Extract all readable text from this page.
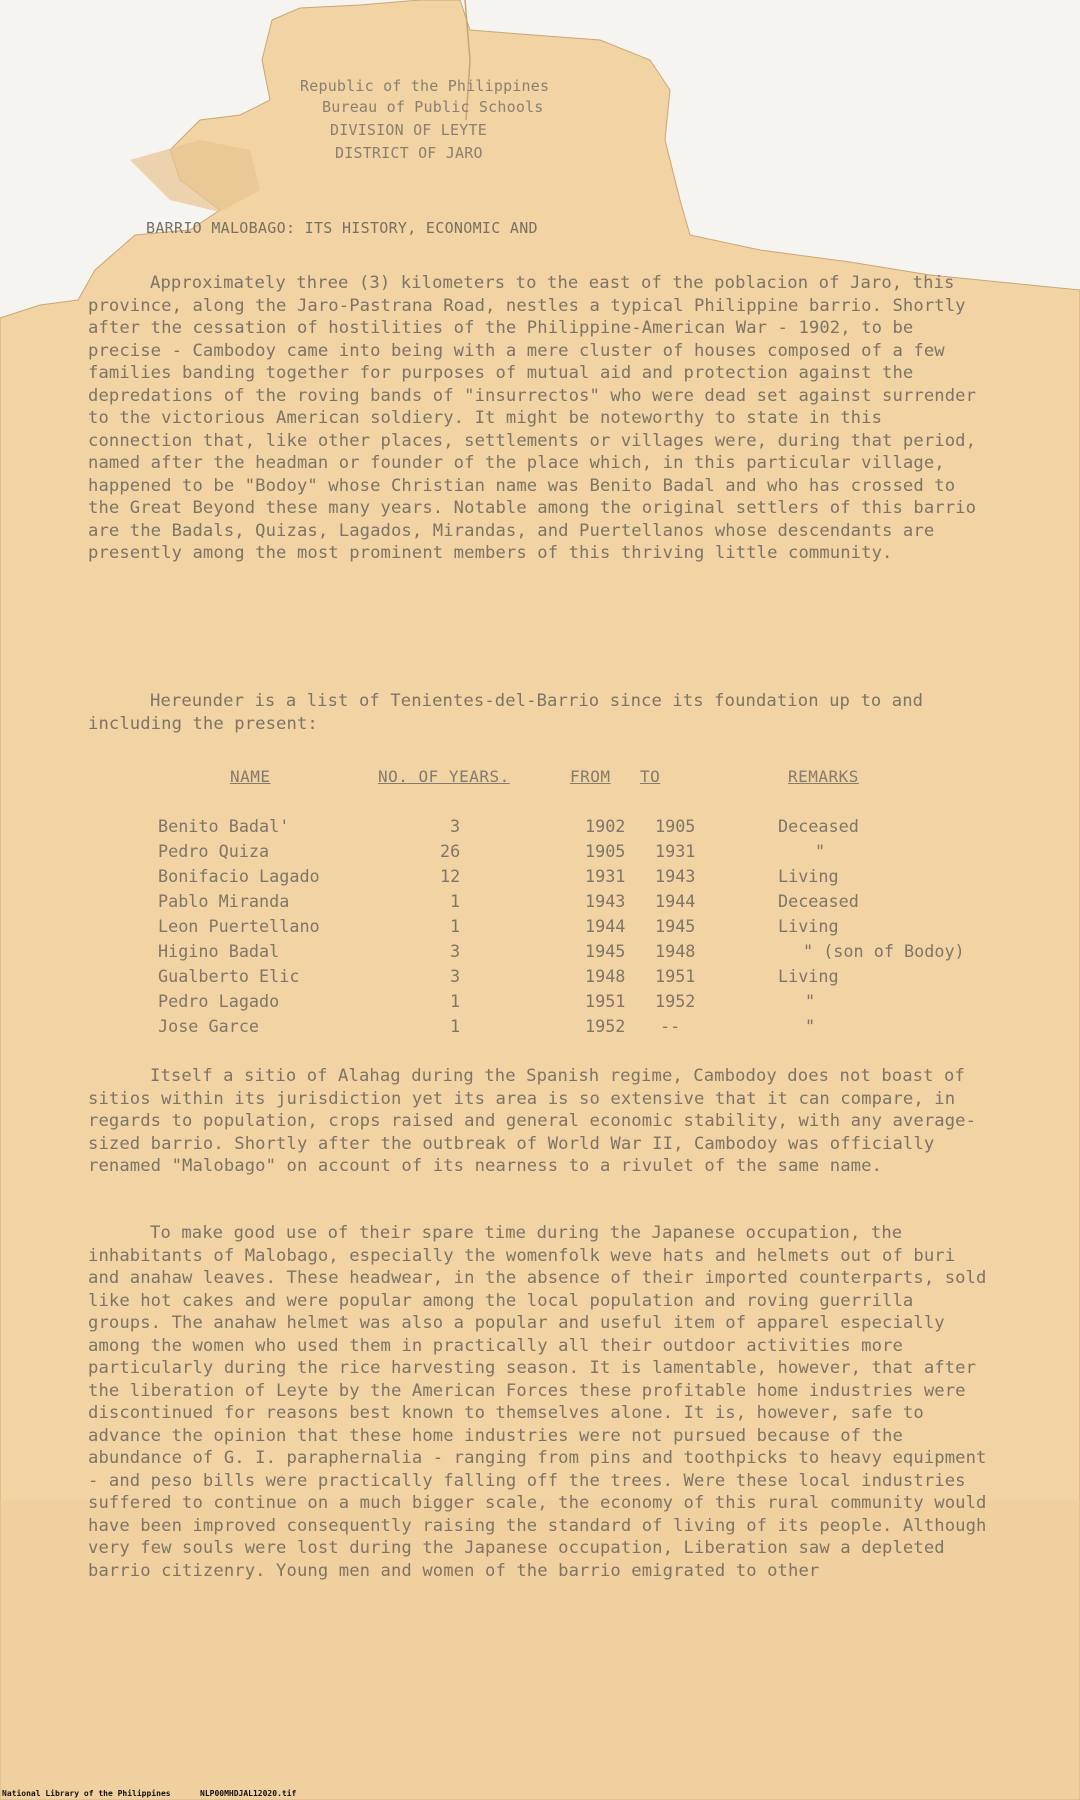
Republic of the Philippines
Bureau of Public Schools
DIVISION OF LEYTE
DISTRICT OF JARO
BARRIO MALOBAGO: ITS HISTORY, ECONOMIC AND
Approximately three (3) kilometers to the east of the poblacion of Jaro, this province, along the Jaro-Pastrana Road, nestles a typical Philippine barrio. Shortly after the cessation of hostilities of the Philippine-American War - 1902, to be precise - Cambodoy came into being with a mere cluster of houses composed of a few families banding together for purposes of mutual aid and protection against the depredations of the roving bands of "insurrectos" who were dead set against surrender to the victorious American soldiery. It might be noteworthy to state in this connection that, like other places, settlements or villages were, during that period, named after the headman or founder of the place which, in this particular village, happened to be "Bodoy" whose Christian name was Benito Badal and who has crossed to the Great Beyond these many years. Notable among the original settlers of this barrio are the Badals, Quizas, Lagados, Mirandas, and Puertellanos whose descendants are presently among the most prominent members of this thriving little community.
Hereunder is a list of Tenientes-del-Barrio since its foundation up to and including the present:
NAME	NO. OF YEARS.	FROM TO	REMARKS
Benito Badal'	3	1902 1905	Deceased
Pedro Quiza	26	1905 1931	"
Bonifacio Lagado	12	1931 1943	Living
Pablo Miranda	1	1943 1944	Deceased
Leon Puertellano	1	1944 1945	Living
Higino Badal	3	1945 1948	" (son of Bodoy)
Gualberto Elic	3	1948 1951	Living
Pedro Lagado	1	1951 1952	"
Jose Garce	1	1952 --	"
Itself a sitio of Alahag during the Spanish regime, Cambodoy does not boast of sitios within its jurisdiction yet its area is so extensive that it can compare, in regards to population, crops raised and general economic stability, with any average-sized barrio. Shortly after the outbreak of World War II, Cambodoy was officially renamed "Malobago" on account of its nearness to a rivulet of the same name.
To make good use of their spare time during the Japanese occupation, the inhabitants of Malobago, especially the womenfolk weve hats and helmets out of buri and anahaw leaves. These headwear, in the absence of their imported counterparts, sold like hot cakes and were popular among the local population and roving guerrilla groups. The anahaw helmet was also a popular and useful item of apparel especially among the women who used them in practically all their outdoor activities more particularly during the rice harvesting season. It is lamentable, however, that after the liberation of Leyte by the American Forces these profitable home industries were discontinued for reasons best known to themselves alone. It is, however, safe to advance the opinion that these home industries were not pursued because of the abundance of G. I. paraphernalia - ranging from pins and toothpicks to heavy equipment - and peso bills were practically falling off the trees. Were these local industries suffered to continue on a much bigger scale, the economy of this rural community would have been improved consequently raising the standard of living of its people. Although very few souls were lost during the Japanese occupation, Liberation saw a depleted barrio citizenry. Young men and women of the barrio emigrated to other
National Library of the Philippines	NLP00MHDJAL12020.tif
